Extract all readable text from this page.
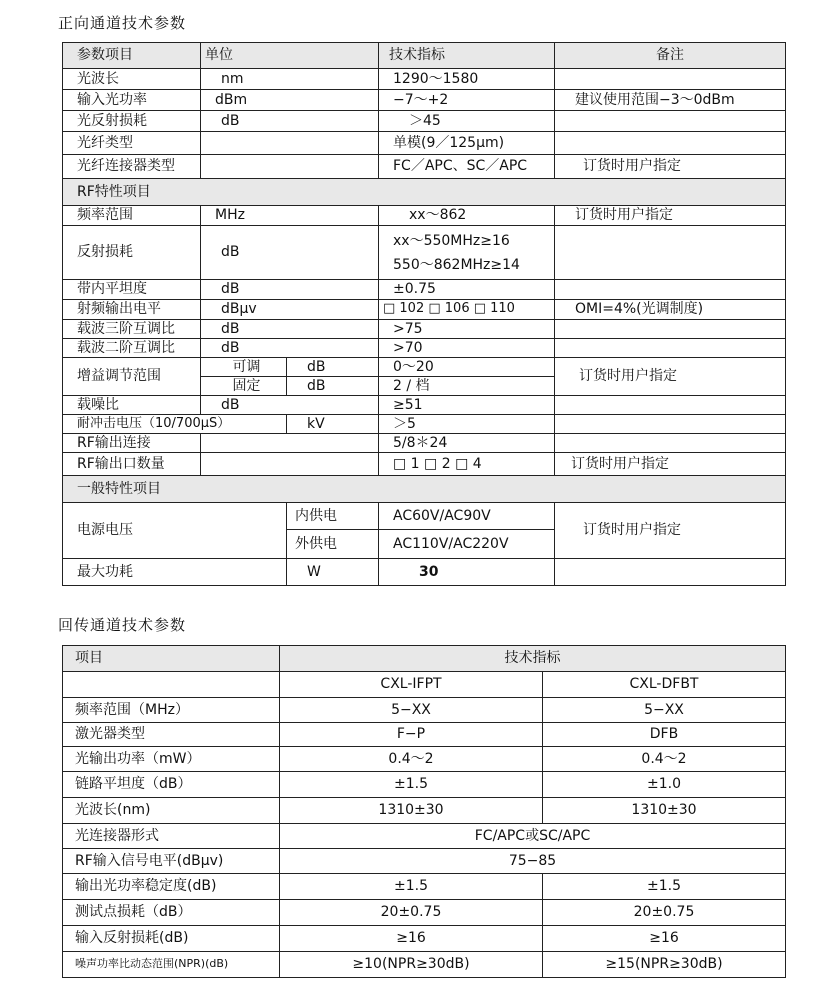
正向通道技术参数
参数项目	单位		技术指标	备注
光波长	nm		1290～1580	
输入光功率	dBm		−7～+2	建议使用范围−3～0dBm
光反射损耗	dB		＞45	
光纤类型			单模(9／125μm)	
光纤连接器类型			FC／APC、SC／APC	订货时用户指定
RF特性项目				
频率范围	MHz		xx～862	订货时用户指定
反射损耗	dB		xx～550MHz≥16
550～862MHz≥14	

带内平坦度	dB		±0.75	
射频输出电平	dBμv		□ 102 □ 106 □ 110	OMI=4%(光调制度)
载波三阶互调比	dB		>75	
载波二阶互调比	dB		>70	
增益调节范围	可调	dB	0～20	订货时用户指定
	固定	dB	2 / 档	
载噪比	dB		≥51	
耐冲击电压（10/700μS）		kV	＞5	
RF输出连接			5/8＊24	
RF输出口数量			□ 1 □ 2 □ 4	订货时用户指定
一般特性项目				
电源电压		内供电	AC60V/AC90V	订货时用户指定
		外供电	AC110V/AC220V	
最大功耗		W	30	
回传通道技术参数
项目	技术指标	
	CXL-IFPT	CXL-DFBT
频率范围（MHz）	5−XX	5−XX
激光器类型	F−P	DFB
光输出功率（mW）	0.4～2	0.4～2
链路平坦度（dB）	±1.5	±1.0
光波长(nm)	1310±30	1310±30
光连接器形式	FC/APC或SC/APC	
RF输入信号电平(dBμv)	75−85	
输出光功率稳定度(dB)	±1.5	±1.5
测试点损耗（dB）	20±0.75	20±0.75
输入反射损耗(dB)	≥16	≥16
噪声功率比动态范围(NPR)(dB)	≥10(NPR≥30dB)	≥15(NPR≥30dB)
